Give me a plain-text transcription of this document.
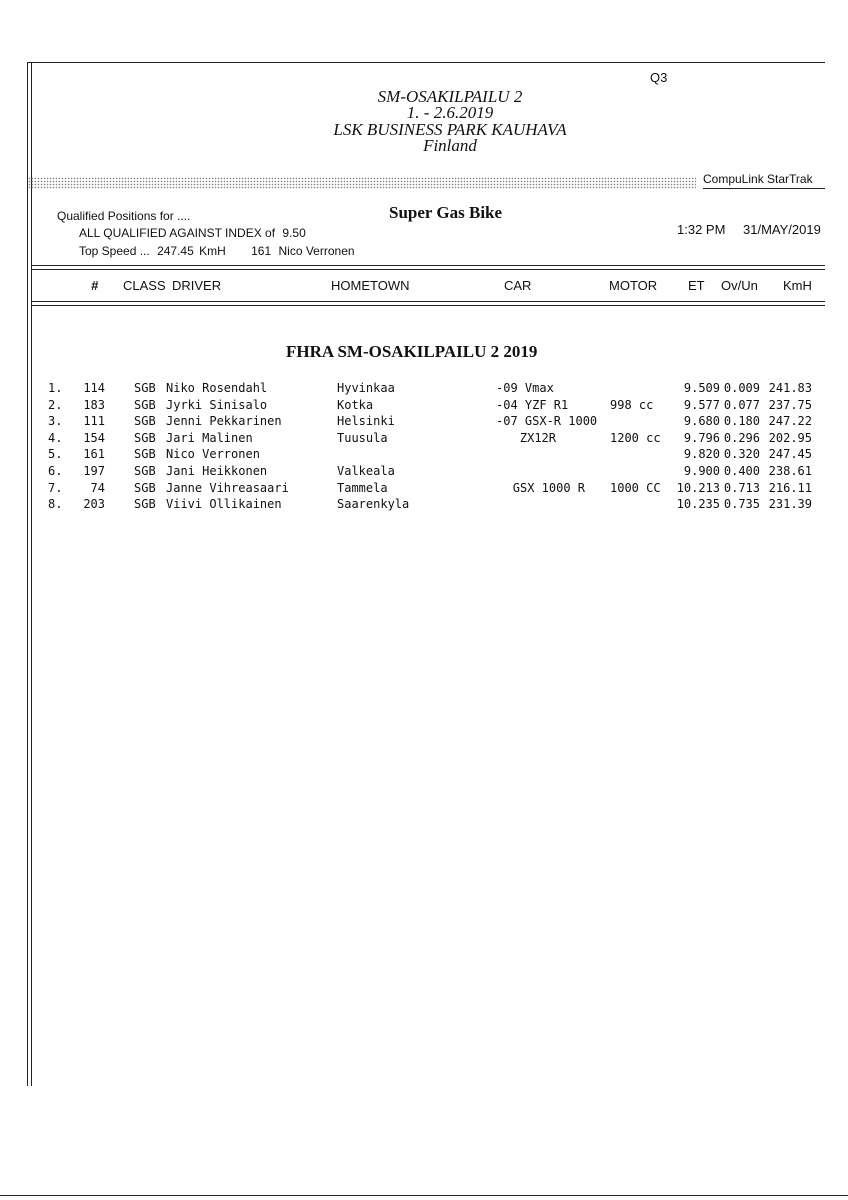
Q3
SM-OSAKILPAILU 2
1. - 2.6.2019
LSK BUSINESS PARK KAUHAVA
Finland
CompuLink StarTrak
Qualified Positions for ....	Super Gas Bike
ALL QUALIFIED AGAINST INDEX of 9.50	1:32 PM 31/MAY/2019
Top Speed ... 247.45 KmH 161 Nico Verronen
# CLASS DRIVER	HOMETOWN	CAR	MOTOR ET Ov/Un KmH
FHRA SM-OSAKILPAILU 2 2019
1. 114 SGB Niko Rosendahl	Hyvinkaa	-09 Vmax	9.509 0.009 241.83
2. 183 SGB Jyrki Sinisalo	Kotka	-04 YZF R1	998 cc	9.577 0.077 237.75
3. 111 SGB Jenni Pekkarinen	Helsinki	-07 GSX-R 1000	9.680 0.180 247.22
4. 154 SGB Jari Malinen	Tuusula	ZX12R	1200 cc 9.796 0.296 202.95
5. 161 SGB Nico Verronen	9.820 0.320 247.45
6. 197 SGB Jani Heikkonen	Valkeala	9.900 0.400 238.61
7. 74 SGB Janne Vihreasaari	Tammela	GSX 1000 R 1000 CC 10.213 0.713 216.11
8. 203 SGB Viivi Ollikainen	Saarenkyla	10.235 0.735 231.39
